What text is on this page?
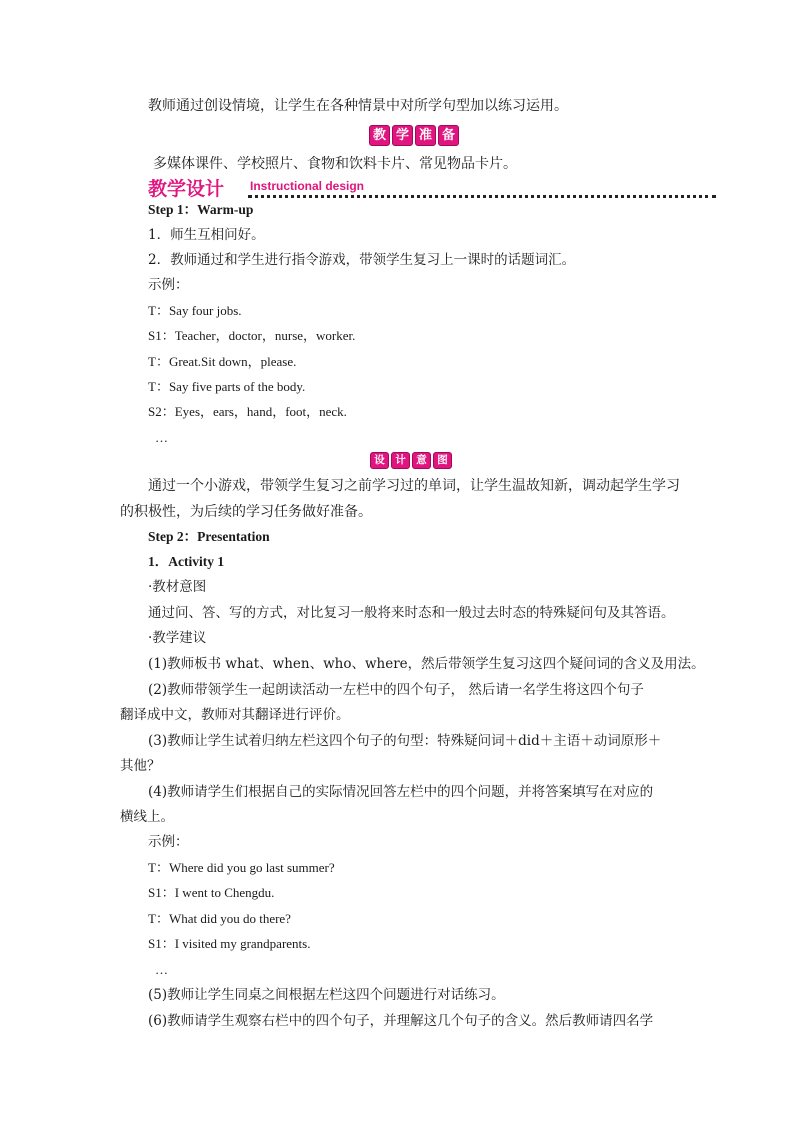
教师通过创设情境，让学生在各种情景中对所学句型加以练习运用。
教 学 准 备
多媒体课件、学校照片、食物和饮料卡片、常见物品卡片。
教学设计 Instructional design
Step 1：Warm-up
1．师生互相问好。
2．教师通过和学生进行指令游戏，带领学生复习上一课时的话题词汇。
示例：
T：Say four jobs.
S1：Teacher，doctor，nurse，worker.
T：Great.Sit down，please.
T：Say five parts of the body.
S2：Eyes，ears，hand，foot，neck.
…
设	计	意	图
通过一个小游戏，带领学生复习之前学习过的单词，让学生温故知新，调动起学生学习
的积极性，为后续的学习任务做好准备。
Step 2：Presentation
1．Activity 1
·教材意图
通过问、答、写的方式，对比复习一般将来时态和一般过去时态的特殊疑问句及其答语。
·教学建议
(1)教师板书 what、when、who、where，然后带领学生复习这四个疑问词的含义及用法。
(2)教师带领学生一起朗读活动一左栏中的四个句子， 然后请一名学生将这四个句子
翻译成中文，教师对其翻译进行评价。
(3)教师让学生试着归纳左栏这四个句子的句型：特殊疑问词＋did＋主语＋动词原形＋
其他？
(4)教师请学生们根据自己的实际情况回答左栏中的四个问题，并将答案填写在对应的
横线上。
示例：
T：Where did you go last summer?
S1：I went to Chengdu.
T：What did you do there?
S1：I visited my grandparents.
…
(5)教师让学生同桌之间根据左栏这四个问题进行对话练习。
(6)教师请学生观察右栏中的四个句子，并理解这几个句子的含义。然后教师请四名学
